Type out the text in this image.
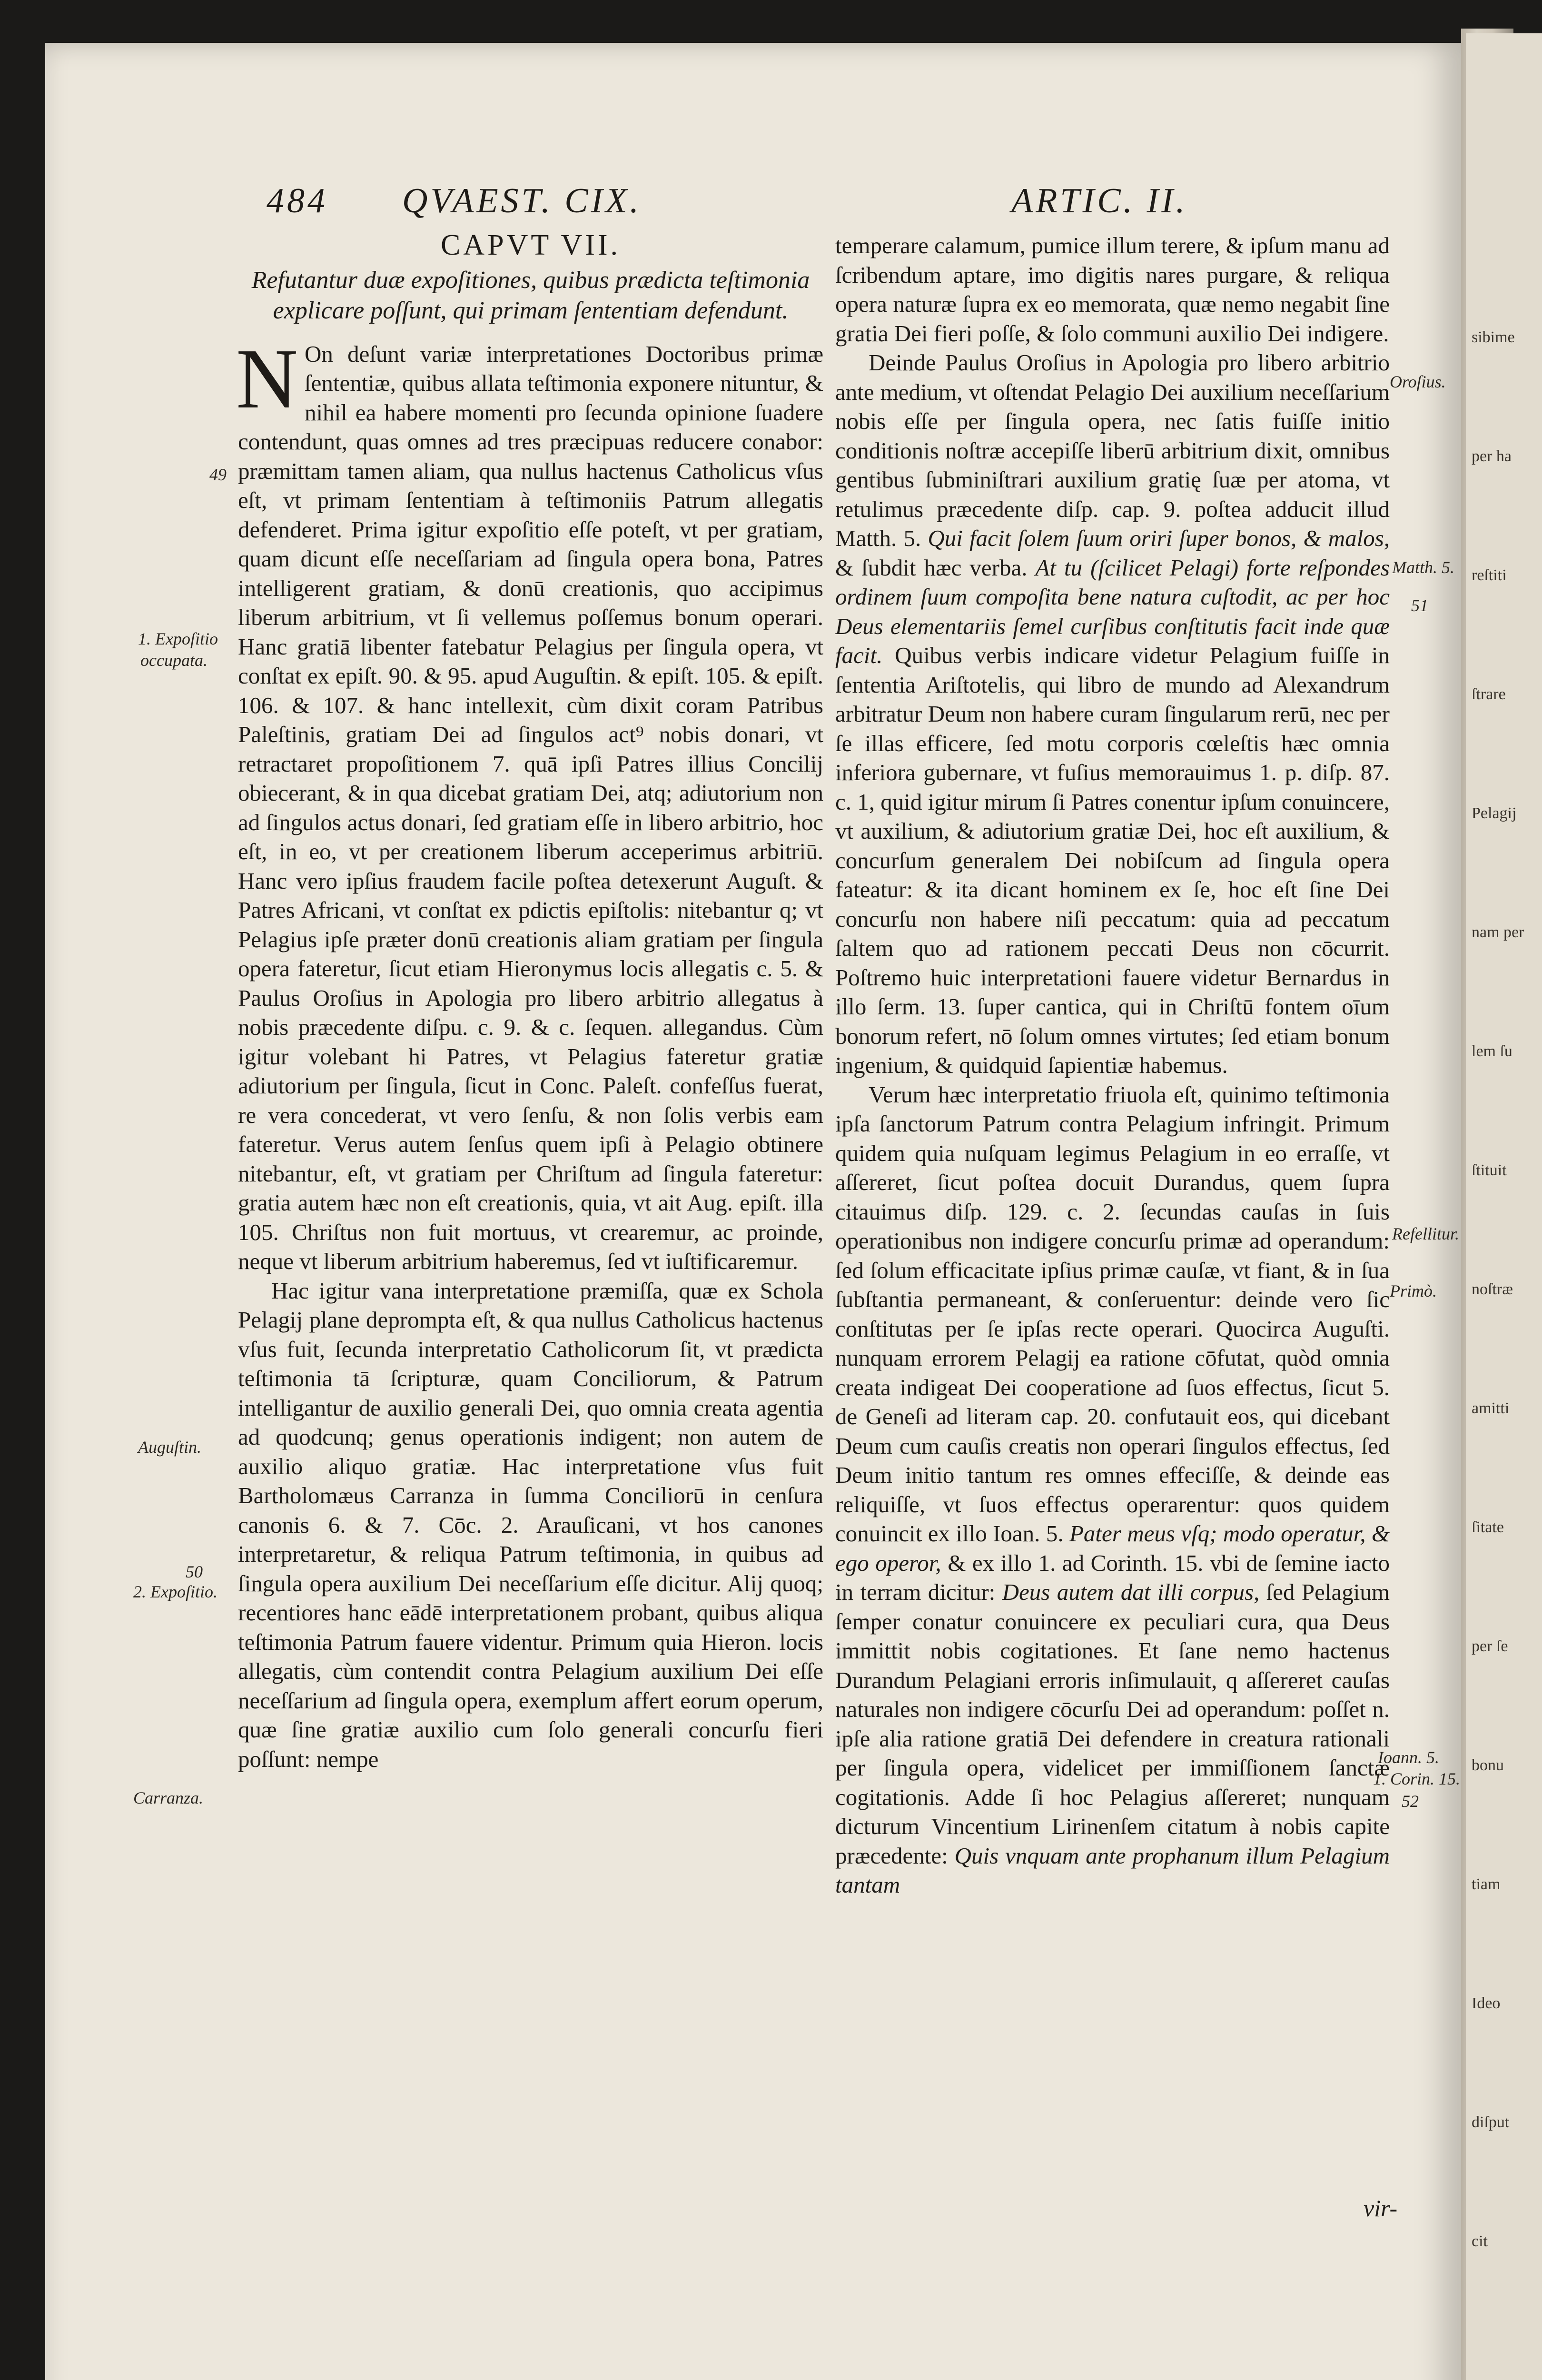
sibime
per ha
reſtiti
ſtrare
Pelagij
nam per
lem ſu
ſtituit
noſtræ
amitti
ſitate
per ſe
bonu
tiam
Ideo
diſput
cit
484 QVAEST. CIX.	ARTIC. II.
49
1. Expoſitio
occupata.
Auguſtin.
50
2. Expoſitio.
Carranza.
Oroſius.
Matth. 5.
51
Refellitur.
Primò.
Ioann. 5.
1. Corin. 15.
52

CAPVT VII.

Refutantur duæ expoſitiones, quibus prædicta teſtimonia explicare poſſunt, qui primam ſententiam defendunt.

N On deſunt variæ interpretationes Doctoribus primæ ſententiæ, quibus allata teſtimonia exponere nituntur, & nihil ea habere momenti pro ſecunda opinione ſuadere contendunt, quas omnes ad tres præcipuas reducere conabor: præmittam tamen aliam, qua nullus hactenus Catholicus vſus eſt, vt primam ſententiam à teſtimoniis Patrum allegatis defenderet. Prima igitur expoſitio eſſe poteſt, vt per gratiam, quam dicunt eſſe neceſſariam ad ſingula opera bona, Patres intelligerent gratiam, & donū creationis, quo accipimus liberum arbitrium, vt ſi vellemus poſſemus bonum operari. Hanc gratiā libenter fatebatur Pelagius per ſingula opera, vt conſtat ex epiſt. 90. & 95. apud Auguſtin. & epiſt. 105. & epiſt. 106. & 107. & hanc intellexit, cùm dixit coram Patribus Paleſtinis, gratiam Dei ad ſingulos act⁹ nobis donari, vt retractaret propoſitionem 7. quā ipſi Patres illius Concilij obiecerant, & in qua dicebat gratiam Dei, atq; adiutorium non ad ſingulos actus donari, ſed gratiam eſſe in libero arbitrio, hoc eſt, in eo, vt per creationem liberum acceperimus arbitriū. Hanc vero ipſius fraudem facile poſtea detexerunt Auguſt. & Patres Africani, vt conſtat ex pdictis epiſtolis: nitebantur q; vt Pelagius ipſe præter donū creationis aliam gratiam per ſingula opera fateretur, ſicut etiam Hieronymus locis allegatis c. 5. & Paulus Oroſius in Apologia pro libero arbitrio allegatus à nobis præcedente diſpu. c. 9. & c. ſequen. allegandus. Cùm igitur volebant hi Patres, vt Pelagius fateretur gratiæ adiutorium per ſingula, ſicut in Conc. Paleſt. confeſſus fuerat, re vera concederat, vt vero ſenſu, & non ſolis verbis eam fateretur. Verus autem ſenſus quem ipſi à Pelagio obtinere nitebantur, eſt, vt gratiam per Chriſtum ad ſingula fateretur: gratia autem hæc non eſt creationis, quia, vt ait Aug. epiſt. illa 105. Chriſtus non fuit mortuus, vt crearemur, ac proinde, neque vt liberum arbitrium haberemus, ſed vt iuſtificaremur.

Hac igitur vana interpretatione præmiſſa, quæ ex Schola Pelagij plane deprompta eſt, & qua nullus Catholicus hactenus vſus fuit, ſecunda interpretatio Catholicorum ſit, vt prædicta teſtimonia tā ſcripturæ, quam Conciliorum, & Patrum intelligantur de auxilio generali Dei, quo omnia creata agentia ad quodcunq; genus operationis indigent; non autem de auxilio aliquo gratiæ. Hac interpretatione vſus fuit Bartholomæus Carranza in ſumma Conciliorū in cenſura canonis 6. & 7. Cōc. 2. Arauſicani, vt hos canones interpretaretur, & reliqua Patrum teſtimonia, in quibus ad ſingula opera auxilium Dei neceſſarium eſſe dicitur. Alij quoq; recentiores hanc eādē interpretationem probant, quibus aliqua teſtimonia Patrum fauere videntur. Primum quia Hieron. locis allegatis, cùm contendit contra Pelagium auxilium Dei eſſe neceſſarium ad ſingula opera, exemplum affert eorum operum, quæ ſine gratiæ auxilio cum ſolo generali concurſu fieri poſſunt: nempe

temperare calamum, pumice illum terere, & ipſum manu ad ſcribendum aptare, imo digitis nares purgare, & reliqua opera naturæ ſupra ex eo memorata, quæ nemo negabit ſine gratia Dei fieri poſſe, & ſolo communi auxilio Dei indigere.

Deinde Paulus Oroſius in Apologia pro libero arbitrio ante medium, vt oſtendat Pelagio Dei auxilium neceſſarium nobis eſſe per ſingula opera, nec ſatis fuiſſe initio conditionis noſtræ accepiſſe liberū arbitrium dixit, omnibus gentibus ſubminiſtrari auxilium gratię ſuæ per atoma, vt retulimus præcedente diſp. cap. 9. poſtea adducit illud Matth. 5. Qui facit ſolem ſuum oriri ſuper bonos, & malos, & ſubdit hæc verba. At tu (ſcilicet Pelagi) forte reſpondes ordinem ſuum compoſita bene natura cuſtodit, ac per hoc Deus elementariis ſemel curſibus conſtitutis facit inde quæ facit. Quibus verbis indicare videtur Pelagium fuiſſe in ſententia Ariſtotelis, qui libro de mundo ad Alexandrum arbitratur Deum non habere curam ſingularum rerū, nec per ſe illas efficere, ſed motu corporis cœleſtis hæc omnia inferiora gubernare, vt fuſius memorauimus 1. p. diſp. 87. c. 1, quid igitur mirum ſi Patres conentur ipſum conuincere, vt auxilium, & adiutorium gratiæ Dei, hoc eſt auxilium, & concurſum generalem Dei nobiſcum ad ſingula opera fateatur: & ita dicant hominem ex ſe, hoc eſt ſine Dei concurſu non habere niſi peccatum: quia ad peccatum ſaltem quo ad rationem peccati Deus non cōcurrit. Poſtremo huic interpretationi fauere videtur Bernardus in illo ſerm. 13. ſuper cantica, qui in Chriſtū fontem oīum bonorum refert, nō ſolum omnes virtutes; ſed etiam bonum ingenium, & quidquid ſapientiæ habemus.

Verum hæc interpretatio friuola eſt, quinimo teſtimonia ipſa ſanctorum Patrum contra Pelagium infringit. Primum quidem quia nuſquam legimus Pelagium in eo erraſſe, vt aſſereret, ſicut poſtea docuit Durandus, quem ſupra citauimus diſp. 129. c. 2. ſecundas cauſas in ſuis operationibus non indigere concurſu primæ ad operandum: ſed ſolum efficacitate ipſius primæ cauſæ, vt fiant, & in ſua ſubſtantia permaneant, & conſeruentur: deinde vero ſic conſtitutas per ſe ipſas recte operari. Quocirca Auguſti. nunquam errorem Pelagij ea ratione cōfutat, quòd omnia creata indigeat Dei cooperatione ad ſuos effectus, ſicut 5. de Geneſi ad literam cap. 20. confutauit eos, qui dicebant Deum cum cauſis creatis non operari ſingulos effectus, ſed Deum initio tantum res omnes effeciſſe, & deinde eas reliquiſſe, vt ſuos effectus operarentur: quos quidem conuincit ex illo Ioan. 5. Pater meus vſq; modo operatur, & ego operor, & ex illo 1. ad Corinth. 15. vbi de ſemine iacto in terram dicitur: Deus autem dat illi corpus, ſed Pelagium ſemper conatur conuincere ex peculiari cura, qua Deus immittit nobis cogitationes. Et ſane nemo hactenus Durandum Pelagiani erroris inſimulauit, q aſſereret cauſas naturales non indigere cōcurſu Dei ad operandum: poſſet n. ipſe alia ratione gratiā Dei defendere in creatura rationali per ſingula opera, videlicet per immiſſionem ſanctæ cogitationis. Adde ſi hoc Pelagius aſſereret; nunquam dicturum Vincentium Lirinenſem citatum à nobis capite præcedente: Quis vnquam ante prophanum illum Pelagium tantam

vir-
